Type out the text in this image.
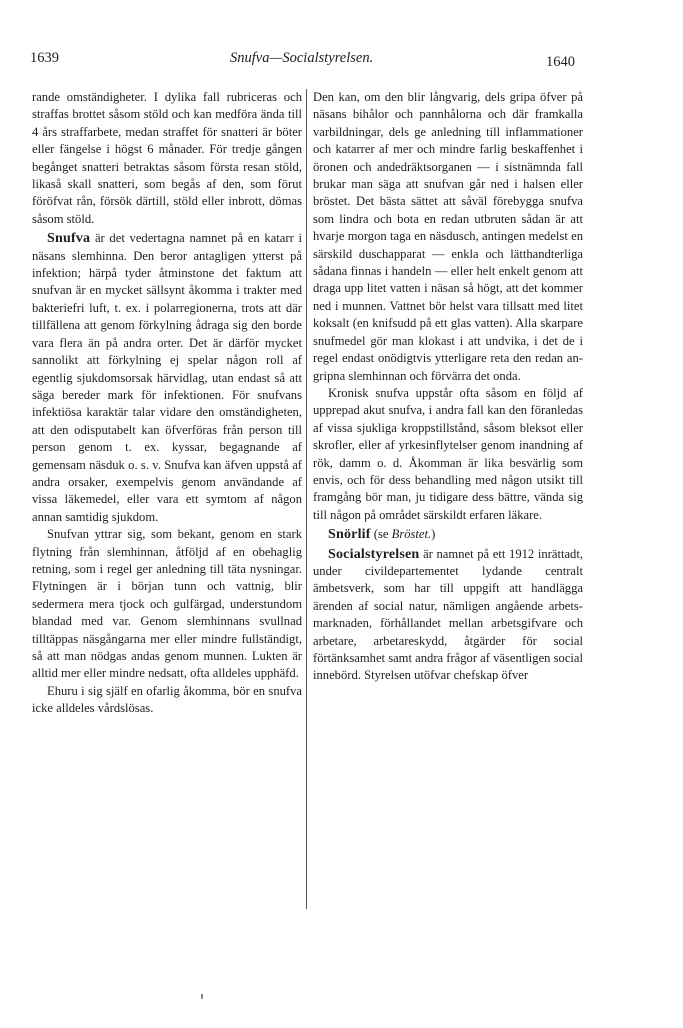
1639	Snufva—Socialstyrelsen.	1640

rande omständigheter. I dylika fall rubriceras och straffas brottet såsom stöld och kan medföra ända till 4 års straffarbete, medan straffet för snatteri är böter eller fängelse i högst 6 månader. För tredje gången begånget snatteri betraktas såsom första resan stöld, likaså skall snatteri, som begås af den, som förut föröfvat rån, försök därtill, stöld eller inbrott, dömas såsom stöld.

Snufva är det vedertagna namnet på en katarr i näsans slemhinna. Den beror antagligen ytterst på infektion; härpå tyder åtminstone det faktum att snufvan är en mycket sällsynt åkomma i trakter med bakteriefri luft, t. ex. i polarregionerna, trots att där tillfällena att genom förkylning ådraga sig den borde vara flera än på andra orter. Det är därför mycket sannolikt att förkylning ej spelar någon roll af egentlig sjukdomsorsak härvidlag, utan endast så att säga bereder mark för infektionen. För snufvans infektiösa karaktär talar vidare den omständigheten, att den odisputabelt kan öfverföras från person till person genom t. ex. kyssar, begagnande af gemensam näsduk o. s. v. Snufva kan äfven uppstå af andra orsaker, exempelvis genom användande af vissa läkemedel, eller vara ett symtom af någon annan samtidig sjukdom.

Snufvan yttrar sig, som bekant, genom en stark flytning från slemhinnan, åtföljd af en obehaglig retning, som i regel ger anledning till täta nysningar. Flytningen är i början tunn och vattnig, blir sedermera mera tjock och gulfärgad, understundom blandad med var. Genom slemhinnans svullnad tilltäppas näsgångarna mer eller mindre fullständigt, så att man nödgas andas genom munnen. Lukten är alltid mer eller mindre nedsatt, ofta alldeles upphäfd.

Ehuru i sig själf en ofarlig åkomma, bör en snufva icke alldeles vårdslösas.

Den kan, om den blir långvarig, dels gripa öfver på näsans bihålor och pannhålorna och där framkalla varbildningar, dels ge anledning till inflammationer och katarrer af mer och mindre farlig beskaffenhet i öronen och andedräktsorganen — i sistnämnda fall brukar man säga att snufvan går ned i halsen eller bröstet. Det bästa sättet att såväl förebygga snufva som lindra och bota en redan utbruten sådan är att hvarje morgon taga en näsdusch, antingen medelst en särskild duschapparat — enkla och lätthandterliga sådana finnas i handeln — eller helt enkelt genom att draga upp litet vatten i näsan så högt, att det kommer ned i munnen. Vattnet bör helst vara tillsatt med litet koksalt (en knifsudd på ett glas vatten). Alla skarpare snufmedel gör man klokast i att undvika, i det de i regel endast onödigtvis ytterligare reta den redan angripna slemhinnan och förvärra det onda.

Kronisk snufva uppstår ofta såsom en följd af upprepad akut snufva, i andra fall kan den föranledas af vissa sjukliga kroppstillstånd, såsom bleksot eller skrofler, eller af yrkesinflytelser genom inandning af rök, damm o. d. Åkomman är lika besvärlig som envis, och för dess behandling med någon utsikt till framgång bör man, ju tidigare dess bättre, vända sig till någon på området särskildt erfaren läkare.

Snörlif (se Bröstet.)

Socialstyrelsen är namnet på ett 1912 inrättadt, under civildepartementet lydande centralt ämbetsverk, som har till uppgift att handlägga ärenden af social natur, nämligen angående arbetsmarknaden, förhållandet mellan arbetsgifvare och arbetare, arbetareskydd, åtgärder för social förtänksamhet samt andra frågor af väsentligen social innebörd. Styrelsen utöfvar chefskap öfver
